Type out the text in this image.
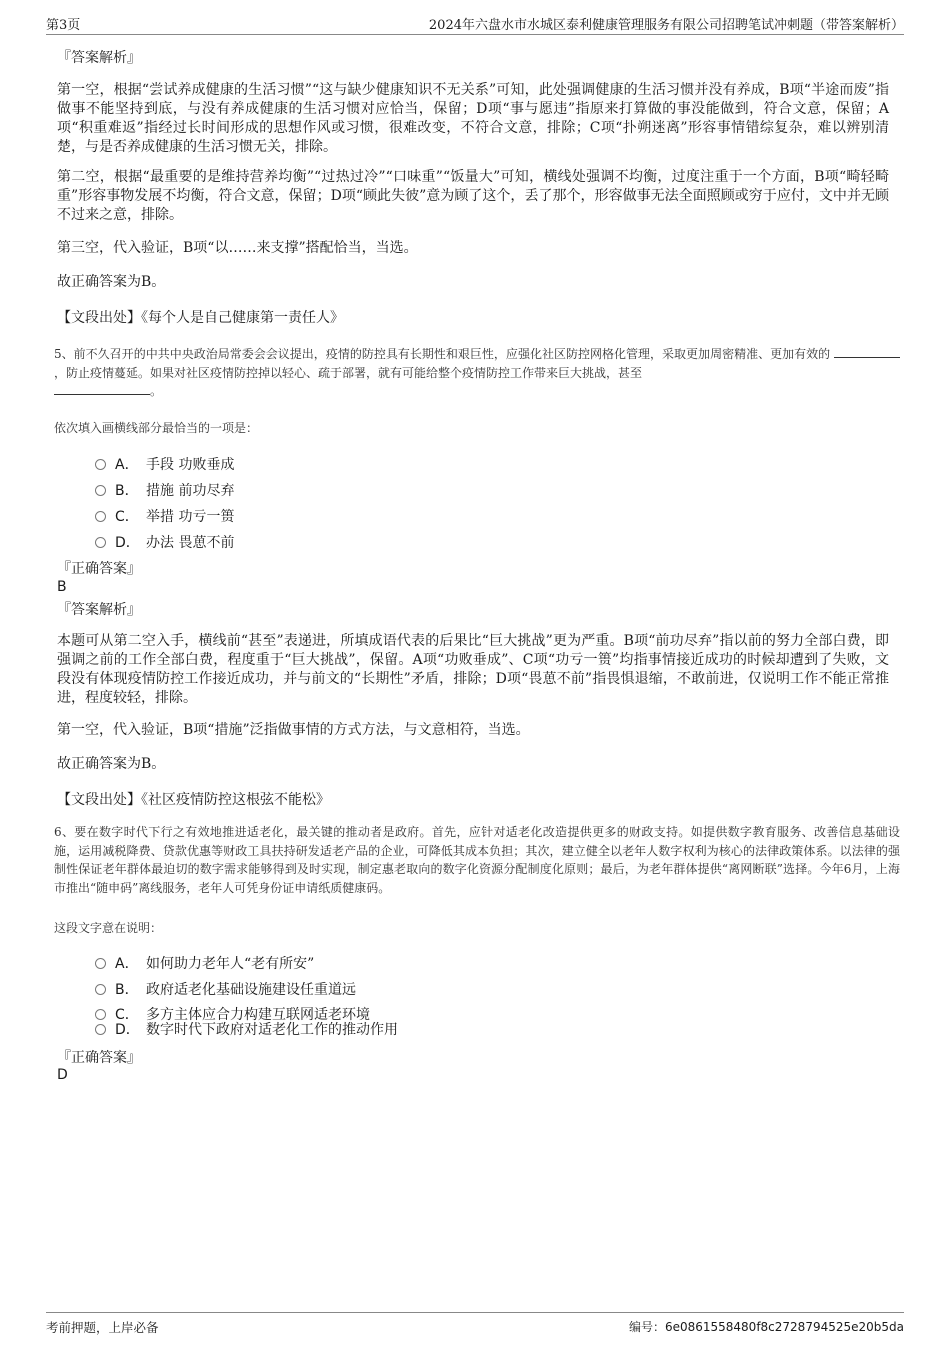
第3页	2024年六盘水市水城区泰利健康管理服务有限公司招聘笔试冲刺题（带答案解析）
『答案解析』

第一空，根据“尝试养成健康的生活习惯”“这与缺少健康知识不无关系”可知，此处强调健康的生活习惯并没有养成，B项“半途而废”指做事不能坚持到底，与没有养成健康的生活习惯对应恰当，保留；D项“事与愿违”指原来打算做的事没能做到，符合文意，保留；A项“积重难返”指经过长时间形成的思想作风或习惯，很难改变，不符合文意，排除；C项“扑朔迷离”形容事情错综复杂，难以辨别清楚，与是否养成健康的生活习惯无关，排除。

第二空，根据“最重要的是维持营养均衡”“过热过冷”“口味重”“饭量大”可知，横线处强调不均衡，过度注重于一个方面，B项“畸轻畸重”形容事物发展不均衡，符合文意，保留；D项“顾此失彼”意为顾了这个，丢了那个，形容做事无法全面照顾或穷于应付，文中并无顾不过来之意，排除。

第三空，代入验证，B项“以……来支撑”搭配恰当，当选。

故正确答案为B。

【文段出处】《每个人是自己健康第一责任人》

5、前不久召开的中共中央政治局常委会会议提出，疫情的防控具有长期性和艰巨性，应强化社区防控网格化管理，采取更加周密精准、更加有效的 ，防止疫情蔓延。如果对社区疫情防控掉以轻心、疏于部署，就有可能给整个疫情防控工作带来巨大挑战，甚至
。

依次填入画横线部分最恰当的一项是：
A． 手段 功败垂成
B． 措施 前功尽弃
C． 举措 功亏一篑
D． 办法 畏葸不前
『正确答案』
B
『答案解析』

本题可从第二空入手，横线前“甚至”表递进，所填成语代表的后果比“巨大挑战”更为严重。B项“前功尽弃”指以前的努力全部白费，即强调之前的工作全部白费，程度重于“巨大挑战”，保留。A项“功败垂成”、C项“功亏一篑”均指事情接近成功的时候却遭到了失败，文段没有体现疫情防控工作接近成功，并与前文的“长期性”矛盾，排除；D项“畏葸不前”指畏惧退缩，不敢前进，仅说明工作不能正常推进，程度较轻，排除。

第一空，代入验证，B项“措施”泛指做事情的方式方法，与文意相符，当选。

故正确答案为B。

【文段出处】《社区疫情防控这根弦不能松》

6、要在数字时代下行之有效地推进适老化，最关键的推动者是政府。首先，应针对适老化改造提供更多的财政支持。如提供数字教育服务、改善信息基础设施，运用减税降费、贷款优惠等财政工具扶持研发适老产品的企业，可降低其成本负担；其次，建立健全以老年人数字权利为核心的法律政策体系。以法律的强制性保证老年群体最迫切的数字需求能够得到及时实现，制定惠老取向的数字化资源分配制度化原则；最后，为老年群体提供“离网断联”选择。今年6月，上海市推出“随申码”离线服务，老年人可凭身份证申请纸质健康码。

这段文字意在说明：
A． 如何助力老年人“老有所安”
B． 政府适老化基础设施建设任重道远
C． 多方主体应合力构建互联网适老环境
D． 数字时代下政府对适老化工作的推动作用
『正确答案』
D
考前押题，上岸必备	编号：6e0861558480f8c2728794525e20b5da
